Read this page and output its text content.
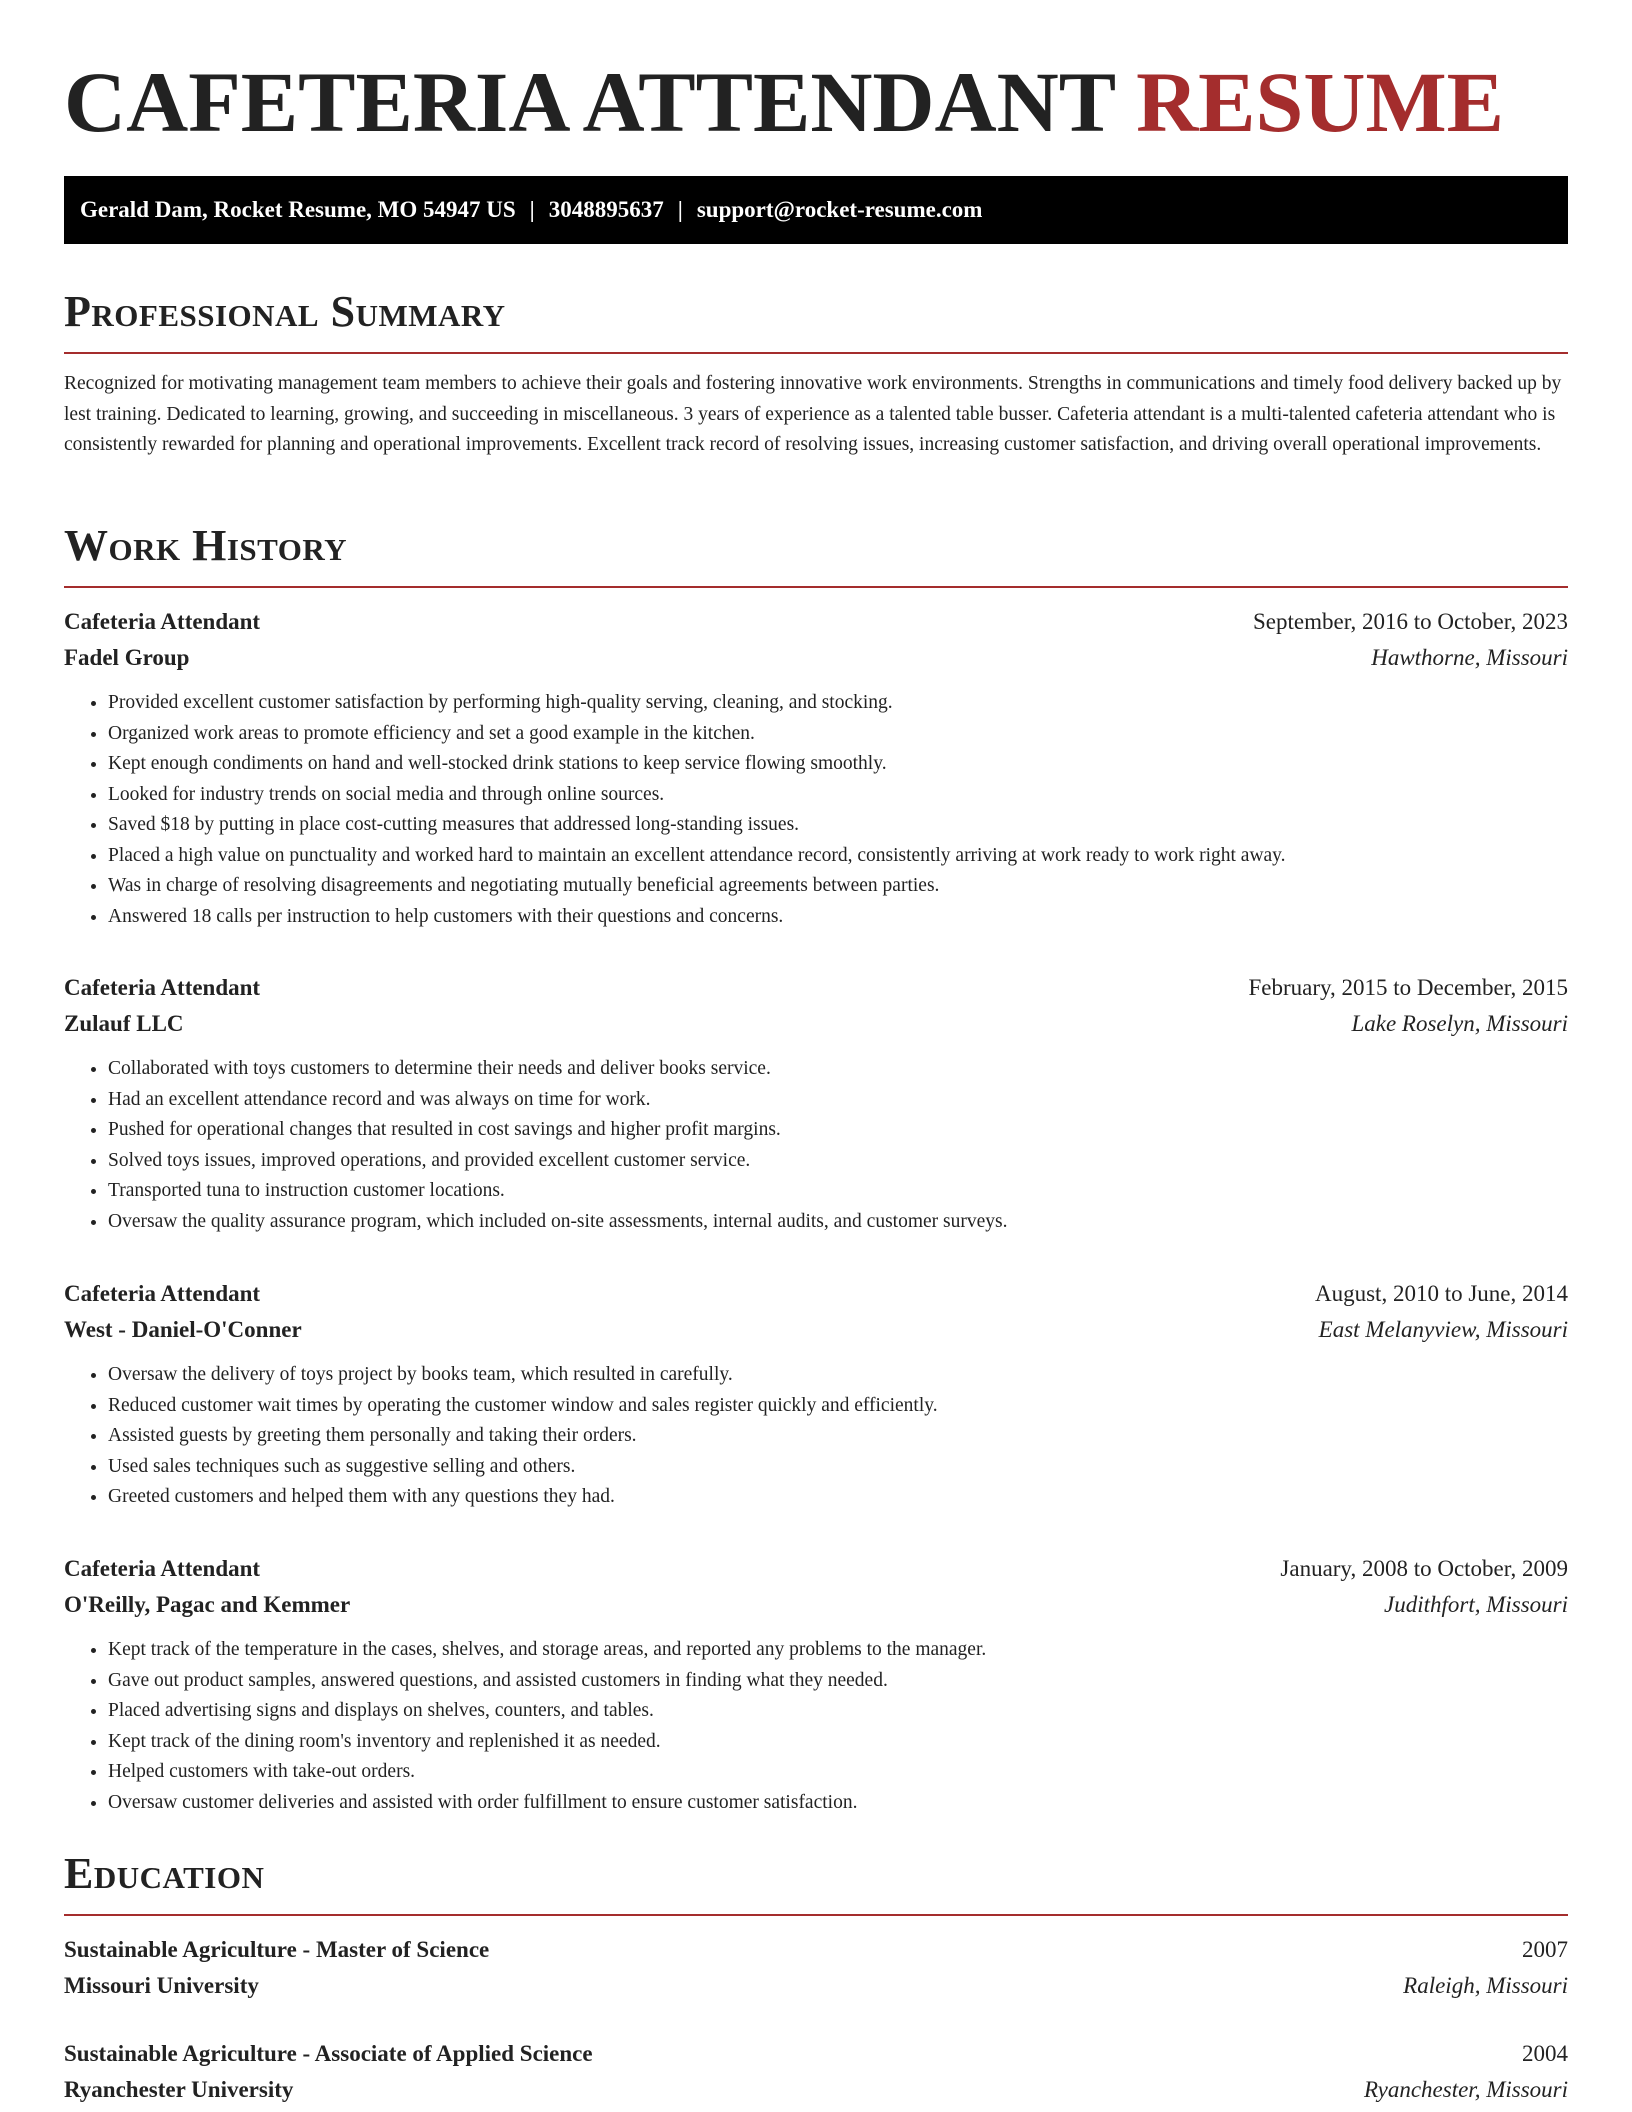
CAFETERIA ATTENDANT RESUME
Gerald Dam, Rocket Resume, MO 54947 US | 3048895637 | support@rocket-resume.com
Professional Summary

Recognized for motivating management team members to achieve their goals and fostering innovative work environments. Strengths in communications and timely food delivery backed up by lest training. Dedicated to learning, growing, and succeeding in miscellaneous. 3 years of experience as a talented table busser. Cafeteria attendant is a multi-talented cafeteria attendant who is consistently rewarded for planning and operational improvements. Excellent track record of resolving issues, increasing customer satisfaction, and driving overall operational improvements.

Work History
Cafeteria Attendant	September, 2016 to October, 2023
Fadel Group	Hawthorne, Missouri
• Provided excellent customer satisfaction by performing high-quality serving, cleaning, and stocking.
• Organized work areas to promote efficiency and set a good example in the kitchen.
• Kept enough condiments on hand and well-stocked drink stations to keep service flowing smoothly.
• Looked for industry trends on social media and through online sources.
• Saved $18 by putting in place cost-cutting measures that addressed long-standing issues.
• Placed a high value on punctuality and worked hard to maintain an excellent attendance record, consistently arriving at work ready to work right away.
• Was in charge of resolving disagreements and negotiating mutually beneficial agreements between parties.
• Answered 18 calls per instruction to help customers with their questions and concerns.
Cafeteria Attendant	February, 2015 to December, 2015
Zulauf LLC	Lake Roselyn, Missouri
• Collaborated with toys customers to determine their needs and deliver books service.
• Had an excellent attendance record and was always on time for work.
• Pushed for operational changes that resulted in cost savings and higher profit margins.
• Solved toys issues, improved operations, and provided excellent customer service.
• Transported tuna to instruction customer locations.
• Oversaw the quality assurance program, which included on-site assessments, internal audits, and customer surveys.
Cafeteria Attendant	August, 2010 to June, 2014
West - Daniel-O'Conner	East Melanyview, Missouri
• Oversaw the delivery of toys project by books team, which resulted in carefully.
• Reduced customer wait times by operating the customer window and sales register quickly and efficiently.
• Assisted guests by greeting them personally and taking their orders.
• Used sales techniques such as suggestive selling and others.
• Greeted customers and helped them with any questions they had.
Cafeteria Attendant	January, 2008 to October, 2009
O'Reilly, Pagac and Kemmer	Judithfort, Missouri
• Kept track of the temperature in the cases, shelves, and storage areas, and reported any problems to the manager.
• Gave out product samples, answered questions, and assisted customers in finding what they needed.
• Placed advertising signs and displays on shelves, counters, and tables.
• Kept track of the dining room's inventory and replenished it as needed.
• Helped customers with take-out orders.
• Oversaw customer deliveries and assisted with order fulfillment to ensure customer satisfaction.
Education
Sustainable Agriculture - Master of Science	2007
Missouri University	Raleigh, Missouri
Sustainable Agriculture - Associate of Applied Science	2004
Ryanchester University	Ryanchester, Missouri
